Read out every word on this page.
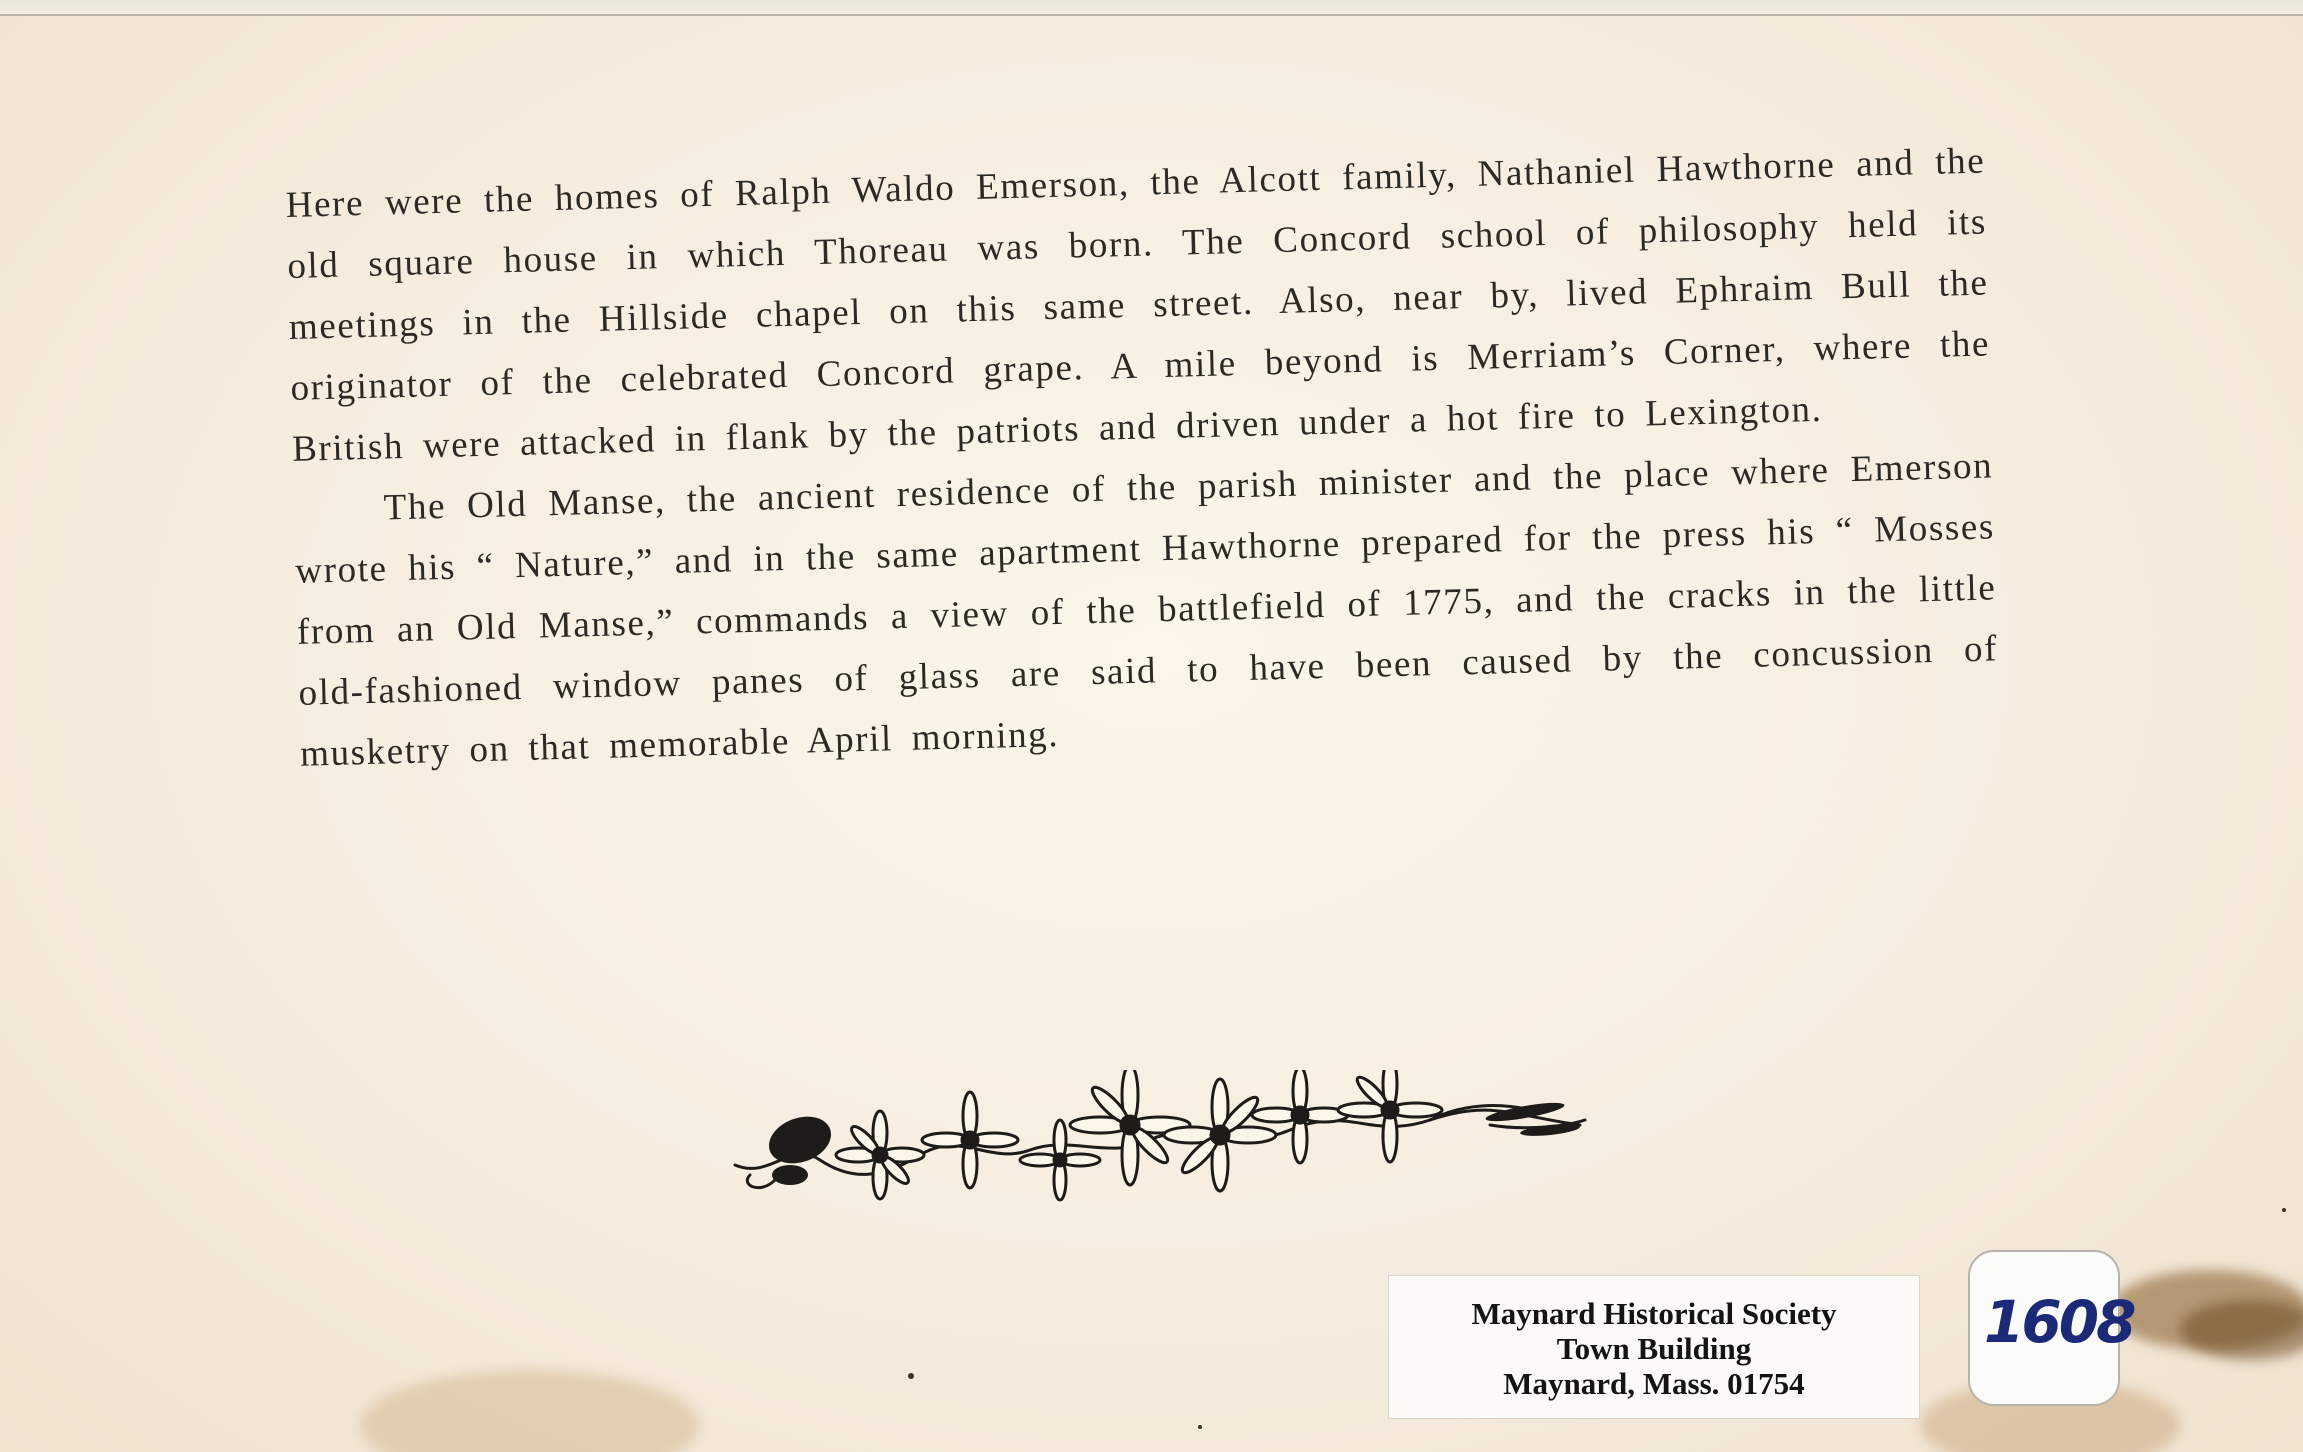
Here were the homes of Ralph Waldo Emerson, the Alcott family, Nathaniel Hawthorne and the old square house in which Thoreau was born. The Concord school of philosophy held its meetings in the Hillside chapel on this same street. Also, near by, lived Ephraim Bull the originator of the celebrated Concord grape. A mile beyond is Merriam’s Corner, where the British were attacked in flank by the patriots and driven under a hot fire to Lexington.

The Old Manse, the ancient residence of the parish minister and the place where Emerson wrote his “ Nature,” and in the same apartment Hawthorne prepared for the press his “ Mosses from an Old Manse,” commands a view of the battlefield of 1775, and the cracks in the little old-fashioned window panes of glass are said to have been caused by the concussion of musketry on that memorable April morning.

Maynard Historical Society
Town Building
Maynard, Mass. 01754
1608
